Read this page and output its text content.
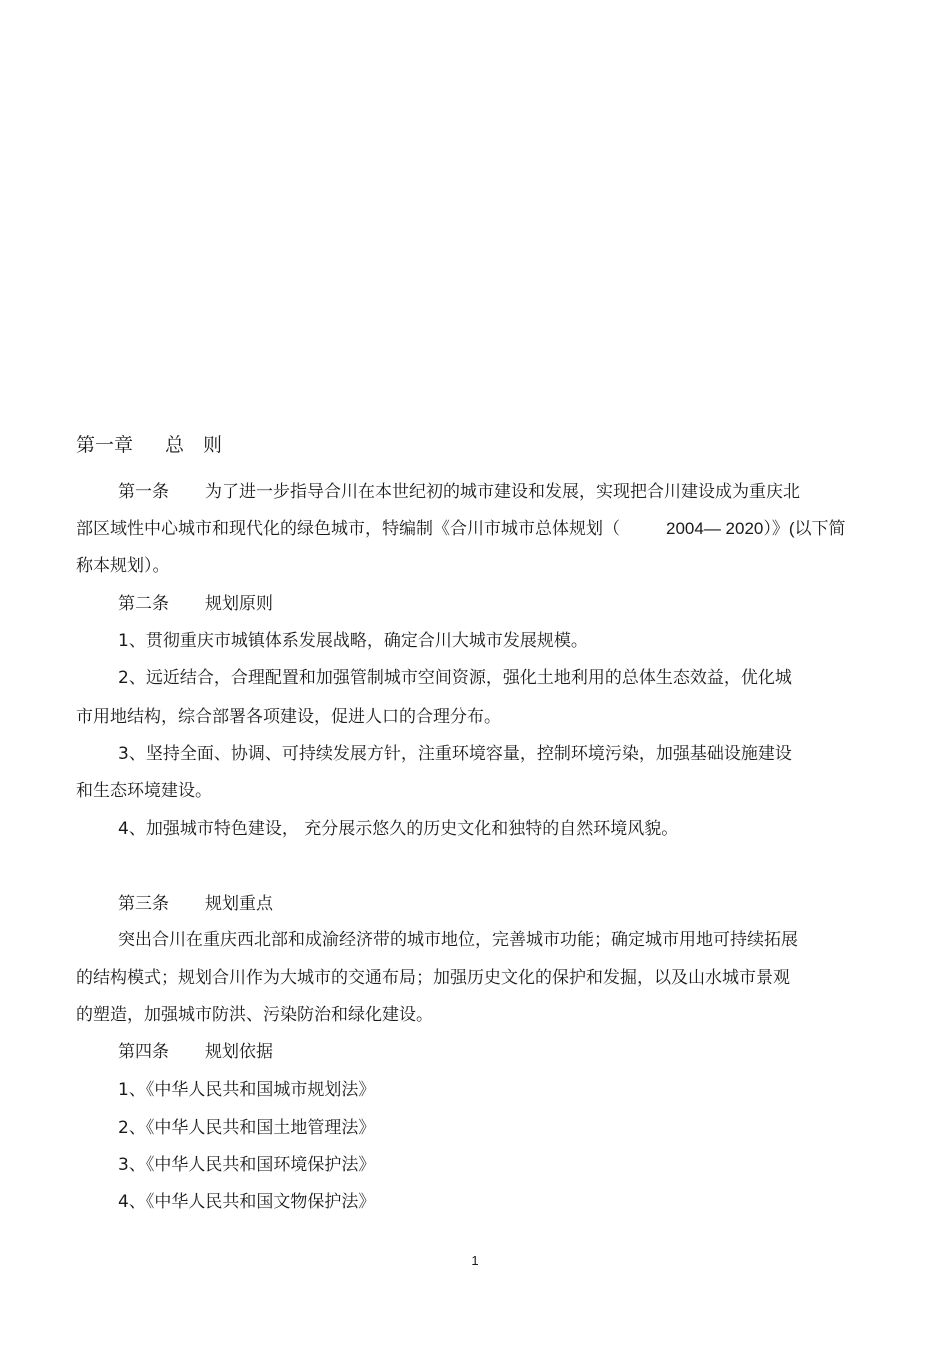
第一章 总　则
第一条 为了进一步指导合川在本世纪初的城市建设和发展，实现把合川建设成为重庆北
部区域性中心城市和现代化的绿色城市，特编制《合川市城市总体规划（	2004— 2020）》(以下简
称本规划）。
第二条 规划原则
1、贯彻重庆市城镇体系发展战略，确定合川大城市发展规模。
2、远近结合，合理配置和加强管制城市空间资源，强化土地利用的总体生态效益，优化城
市用地结构，综合部署各项建设，促进人口的合理分布。
3、坚持全面、协调、可持续发展方针，注重环境容量，控制环境污染，加强基础设施建设
和生态环境建设。
4、加强城市特色建设， 充分展示悠久的历史文化和独特的自然环境风貌。
第三条 规划重点
突出合川在重庆西北部和成渝经济带的城市地位，完善城市功能；确定城市用地可持续拓展
的结构模式；规划合川作为大城市的交通布局；加强历史文化的保护和发掘，以及山水城市景观
的塑造，加强城市防洪、污染防治和绿化建设。
第四条 规划依据
1、《中华人民共和国城市规划法》
2、《中华人民共和国土地管理法》
3、《中华人民共和国环境保护法》
4、《中华人民共和国文物保护法》
1
